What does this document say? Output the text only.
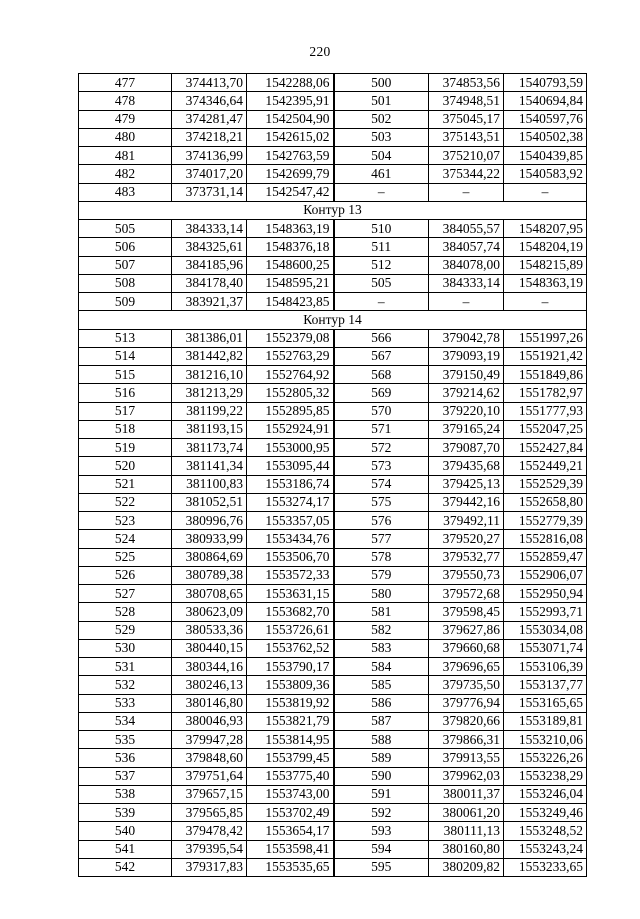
220
477	374413,70	1542288,06	500	374853,56	1540793,59
478	374346,64	1542395,91	501	374948,51	1540694,84
479	374281,47	1542504,90	502	375045,17	1540597,76
480	374218,21	1542615,02	503	375143,51	1540502,38
481	374136,99	1542763,59	504	375210,07	1540439,85
482	374017,20	1542699,79	461	375344,22	1540583,92
483	373731,14	1542547,42	–	–	–
Контур 13					
505	384333,14	1548363,19	510	384055,57	1548207,95
506	384325,61	1548376,18	511	384057,74	1548204,19
507	384185,96	1548600,25	512	384078,00	1548215,89
508	384178,40	1548595,21	505	384333,14	1548363,19
509	383921,37	1548423,85	–	–	–
Контур 14					
513	381386,01	1552379,08	566	379042,78	1551997,26
514	381442,82	1552763,29	567	379093,19	1551921,42
515	381216,10	1552764,92	568	379150,49	1551849,86
516	381213,29	1552805,32	569	379214,62	1551782,97
517	381199,22	1552895,85	570	379220,10	1551777,93
518	381193,15	1552924,91	571	379165,24	1552047,25
519	381173,74	1553000,95	572	379087,70	1552427,84
520	381141,34	1553095,44	573	379435,68	1552449,21
521	381100,83	1553186,74	574	379425,13	1552529,39
522	381052,51	1553274,17	575	379442,16	1552658,80
523	380996,76	1553357,05	576	379492,11	1552779,39
524	380933,99	1553434,76	577	379520,27	1552816,08
525	380864,69	1553506,70	578	379532,77	1552859,47
526	380789,38	1553572,33	579	379550,73	1552906,07
527	380708,65	1553631,15	580	379572,68	1552950,94
528	380623,09	1553682,70	581	379598,45	1552993,71
529	380533,36	1553726,61	582	379627,86	1553034,08
530	380440,15	1553762,52	583	379660,68	1553071,74
531	380344,16	1553790,17	584	379696,65	1553106,39
532	380246,13	1553809,36	585	379735,50	1553137,77
533	380146,80	1553819,92	586	379776,94	1553165,65
534	380046,93	1553821,79	587	379820,66	1553189,81
535	379947,28	1553814,95	588	379866,31	1553210,06
536	379848,60	1553799,45	589	379913,55	1553226,26
537	379751,64	1553775,40	590	379962,03	1553238,29
538	379657,15	1553743,00	591	380011,37	1553246,04
539	379565,85	1553702,49	592	380061,20	1553249,46
540	379478,42	1553654,17	593	380111,13	1553248,52
541	379395,54	1553598,41	594	380160,80	1553243,24
542	379317,83	1553535,65	595	380209,82	1553233,65
